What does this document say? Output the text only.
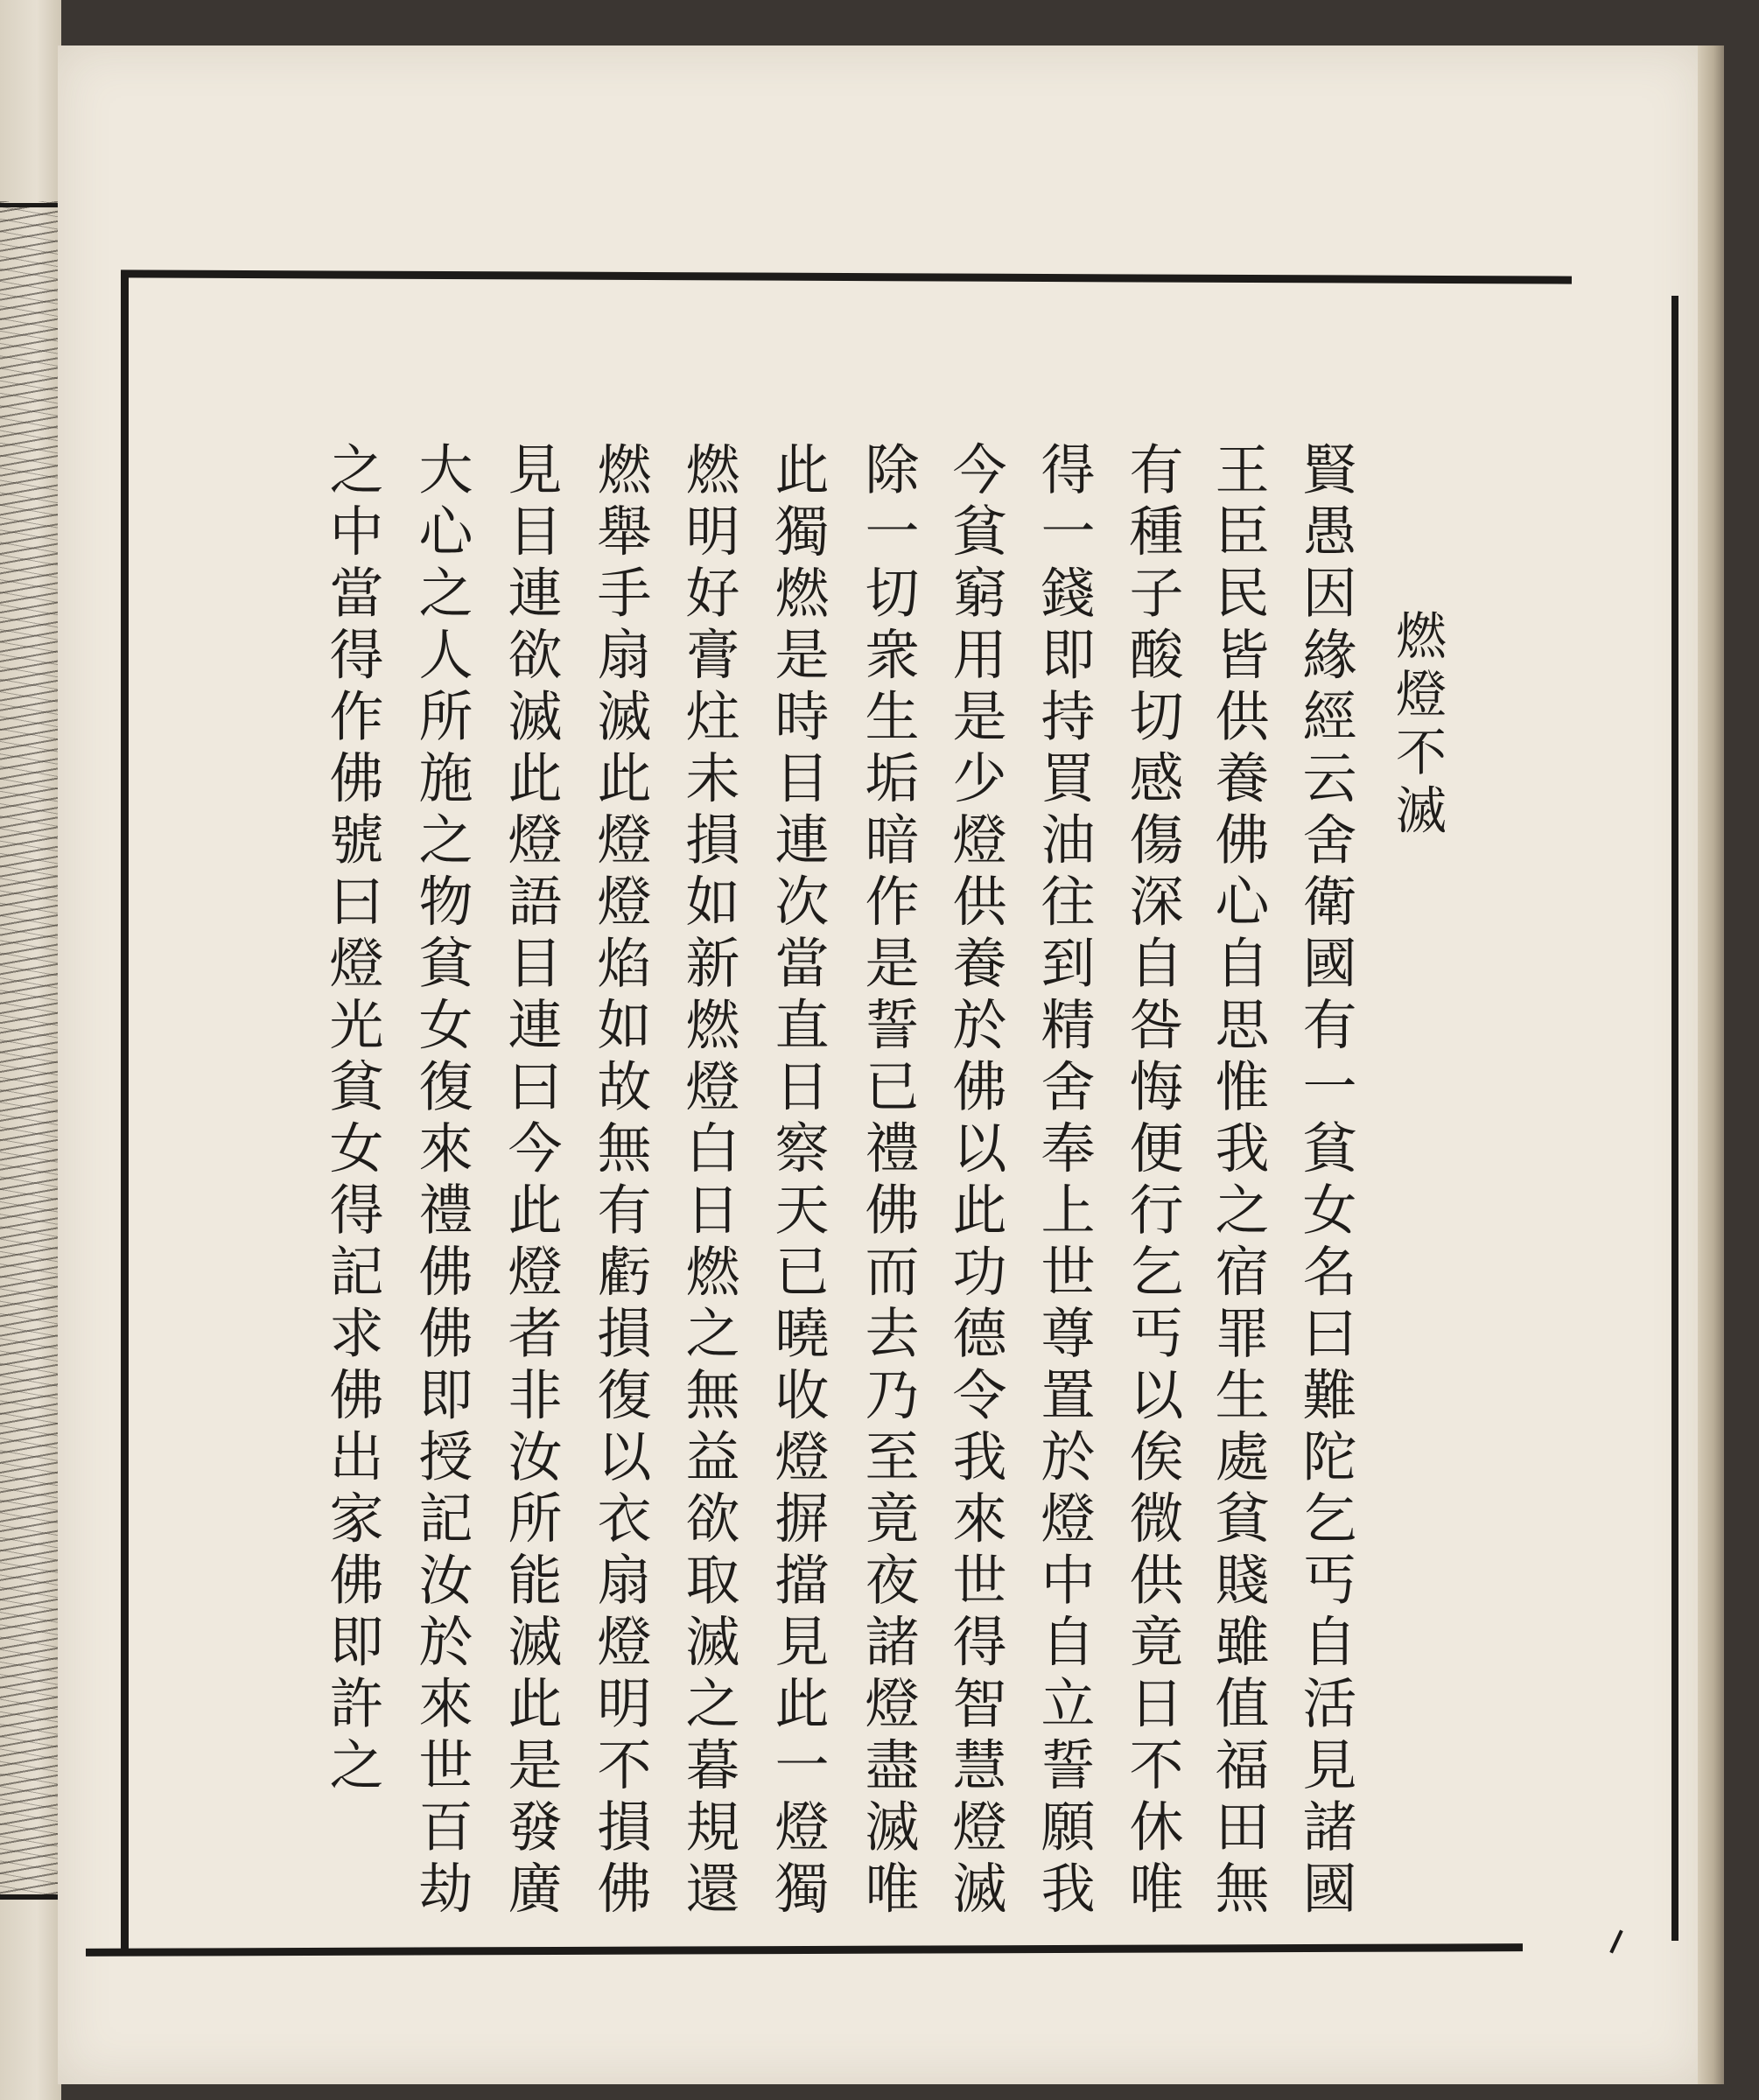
燃燈不滅
賢愚因緣經云舍衛國有一貧女名曰難陀乞丐自活見諸國
王臣民皆供養佛心自思惟我之宿罪生處貧賤雖值福田無
有種子酸切感傷深自咎悔便行乞丐以俟微供竟日不休唯
得一錢即持買油往到精舍奉上世尊置於燈中自立誓願我
今貧窮用是少燈供養於佛以此功德令我來世得智慧燈滅
除一切衆生垢暗作是誓已禮佛而去乃至竟夜諸燈盡滅唯
此獨燃是時目連次當直日察天已曉收燈摒擋見此一燈獨
燃明好膏炷未損如新燃燈白日燃之無益欲取滅之暮規還
燃舉手扇滅此燈燈焰如故無有虧損復以衣扇燈明不損佛
見目連欲滅此燈語目連曰今此燈者非汝所能滅此是發廣
大心之人所施之物貧女復來禮佛佛即授記汝於來世百劫
之中當得作佛號曰燈光貧女得記求佛出家佛即許之
